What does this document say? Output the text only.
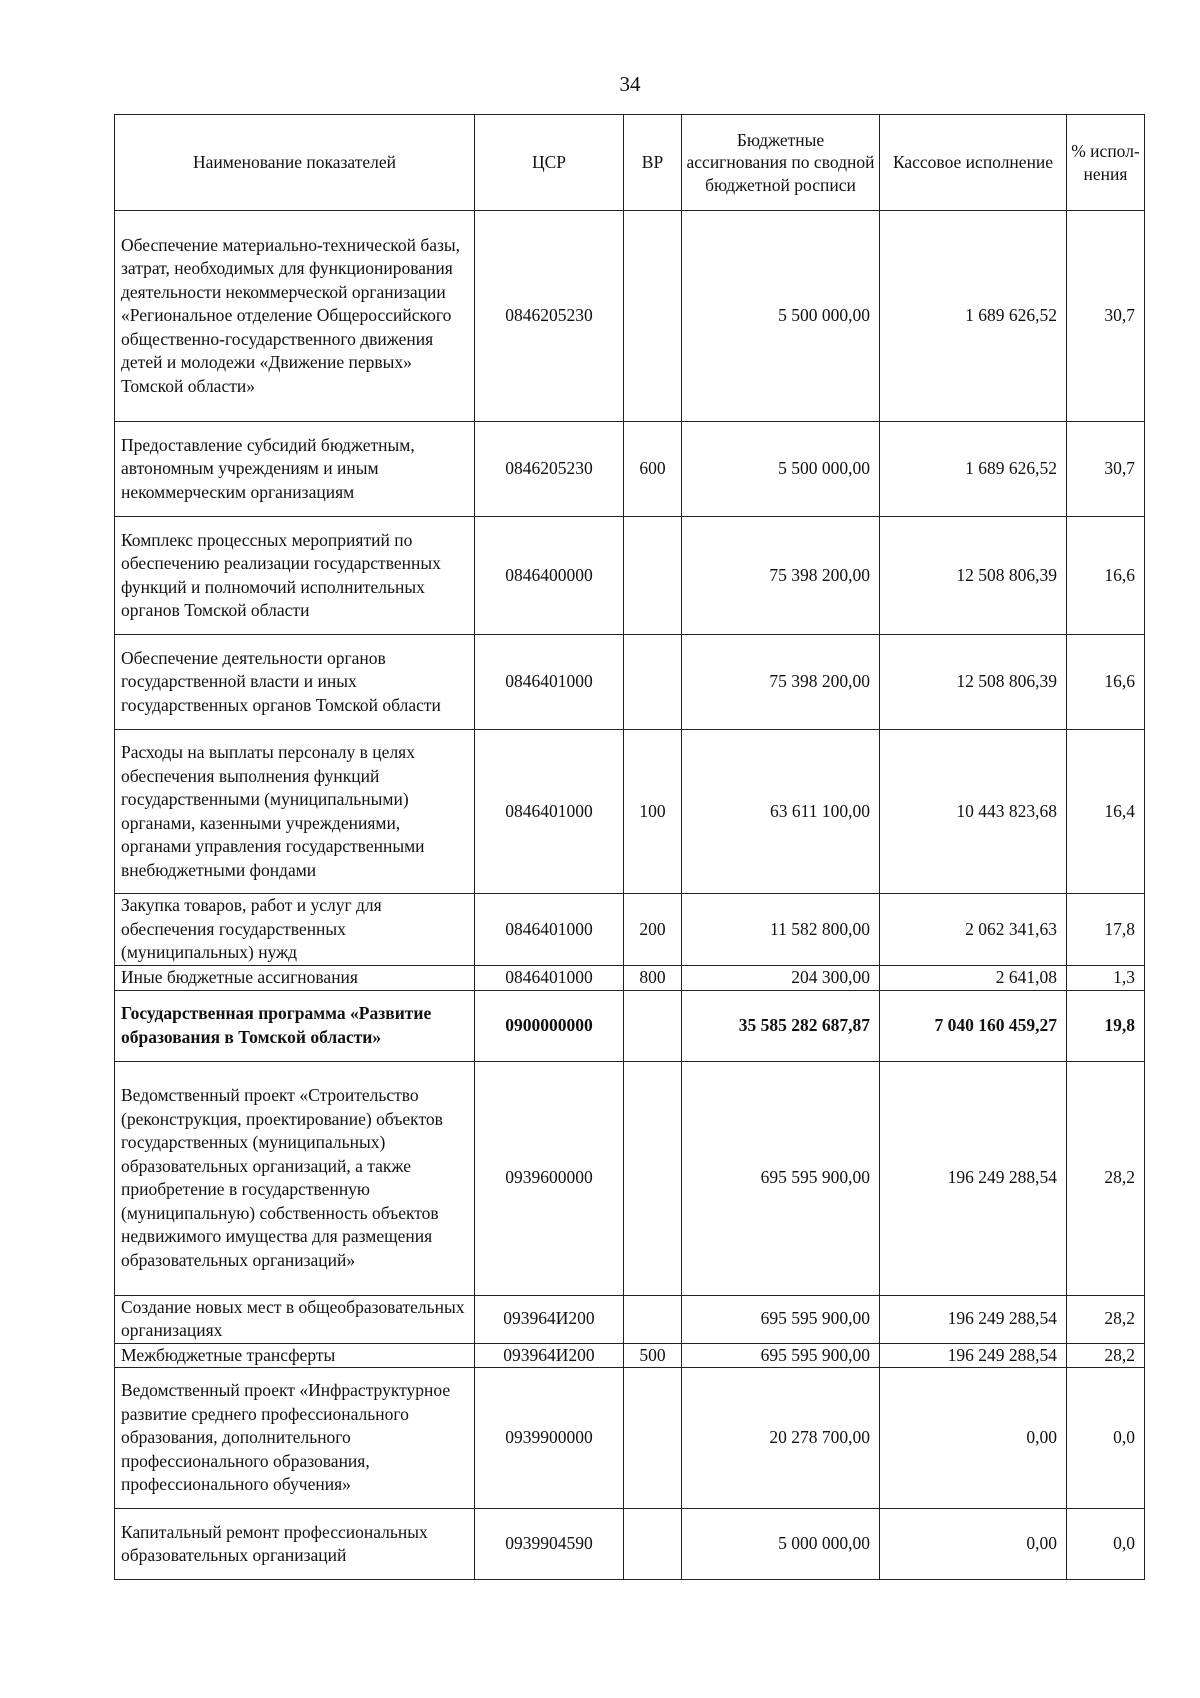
34
Наименование показателей	ЦСР	ВР	Бюджетные ассигнования по сводной бюджетной росписи	Кассовое исполнение	% испол-нения
Обеспечение материально-технической базы, затрат, необходимых для функционирования деятельности некоммерческой организации «Региональное отделение Общероссийского общественно-государственного движения детей и молодежи «Движение первых» Томской области»	0846205230		5 500 000,00	1 689 626,52	30,7
Предоставление субсидий бюджетным, автономным учреждениям и иным некоммерческим организациям	0846205230	600	5 500 000,00	1 689 626,52	30,7
Комплекс процессных мероприятий по обеспечению реализации государственных функций и полномочий исполнительных органов Томской области	0846400000		75 398 200,00	12 508 806,39	16,6
Обеспечение деятельности органов государственной власти и иных государственных органов Томской области	0846401000		75 398 200,00	12 508 806,39	16,6
Расходы на выплаты персоналу в целях обеспечения выполнения функций государственными (муниципальными) органами, казенными учреждениями, органами управления государственными внебюджетными фондами	0846401000	100	63 611 100,00	10 443 823,68	16,4
Закупка товаров, работ и услуг для обеспечения государственных (муниципальных) нужд	0846401000	200	11 582 800,00	2 062 341,63	17,8
Иные бюджетные ассигнования	0846401000	800	204 300,00	2 641,08	1,3
Государственная программа «Развитие образования в Томской области»	0900000000		35 585 282 687,87	7 040 160 459,27	19,8
Ведомственный проект «Строительство (реконструкция, проектирование) объектов государственных (муниципальных) образовательных организаций, а также приобретение в государственную (муниципальную) собственность объектов недвижимого имущества для размещения образовательных организаций»	0939600000		695 595 900,00	196 249 288,54	28,2
Создание новых мест в общеобразовательных организациях	093964И200		695 595 900,00	196 249 288,54	28,2
Межбюджетные трансферты	093964И200	500	695 595 900,00	196 249 288,54	28,2
Ведомственный проект «Инфраструктурное развитие среднего профессионального образования, дополнительного профессионального образования, профессионального обучения»	0939900000		20 278 700,00	0,00	0,0
Капитальный ремонт профессиональных образовательных организаций	0939904590		5 000 000,00	0,00	0,0
